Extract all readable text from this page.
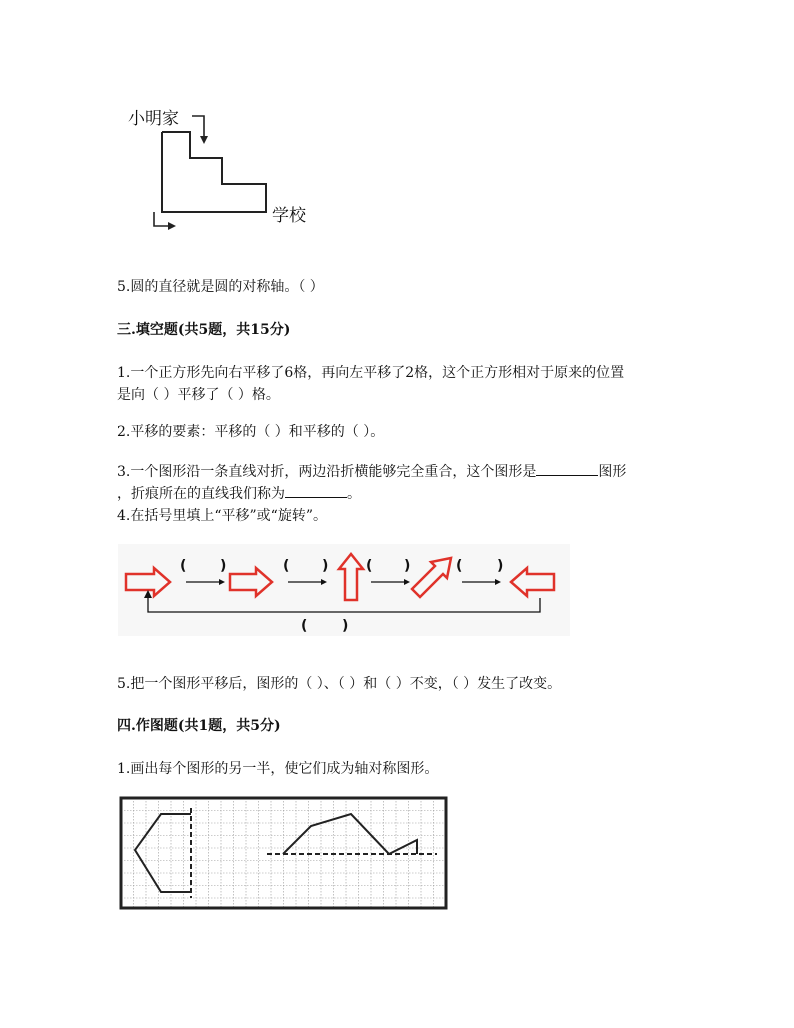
小明家
学校
5.圆的直径就是圆的对称轴。（ ）
三.填空题(共5题，共15分)
1.一个正方形先向右平移了6格，再向左平移了2格，这个正方形相对于原来的位置
是向（ ）平移了（ ）格。
2.平移的要素：平移的（ ）和平移的（ ）。
3.一个图形沿一条直线对折，两边沿折横能够完全重合，这个图形是	图形
，折痕所在的直线我们称为	。
4.在括号里填上“平移”或“旋转”。
( )	( )	( )	( )
( )
5.把一个图形平移后，图形的（ ）、（ ）和（ ）不变，（ ）发生了改变。
四.作图题(共1题，共5分)
1.画出每个图形的另一半，使它们成为轴对称图形。
